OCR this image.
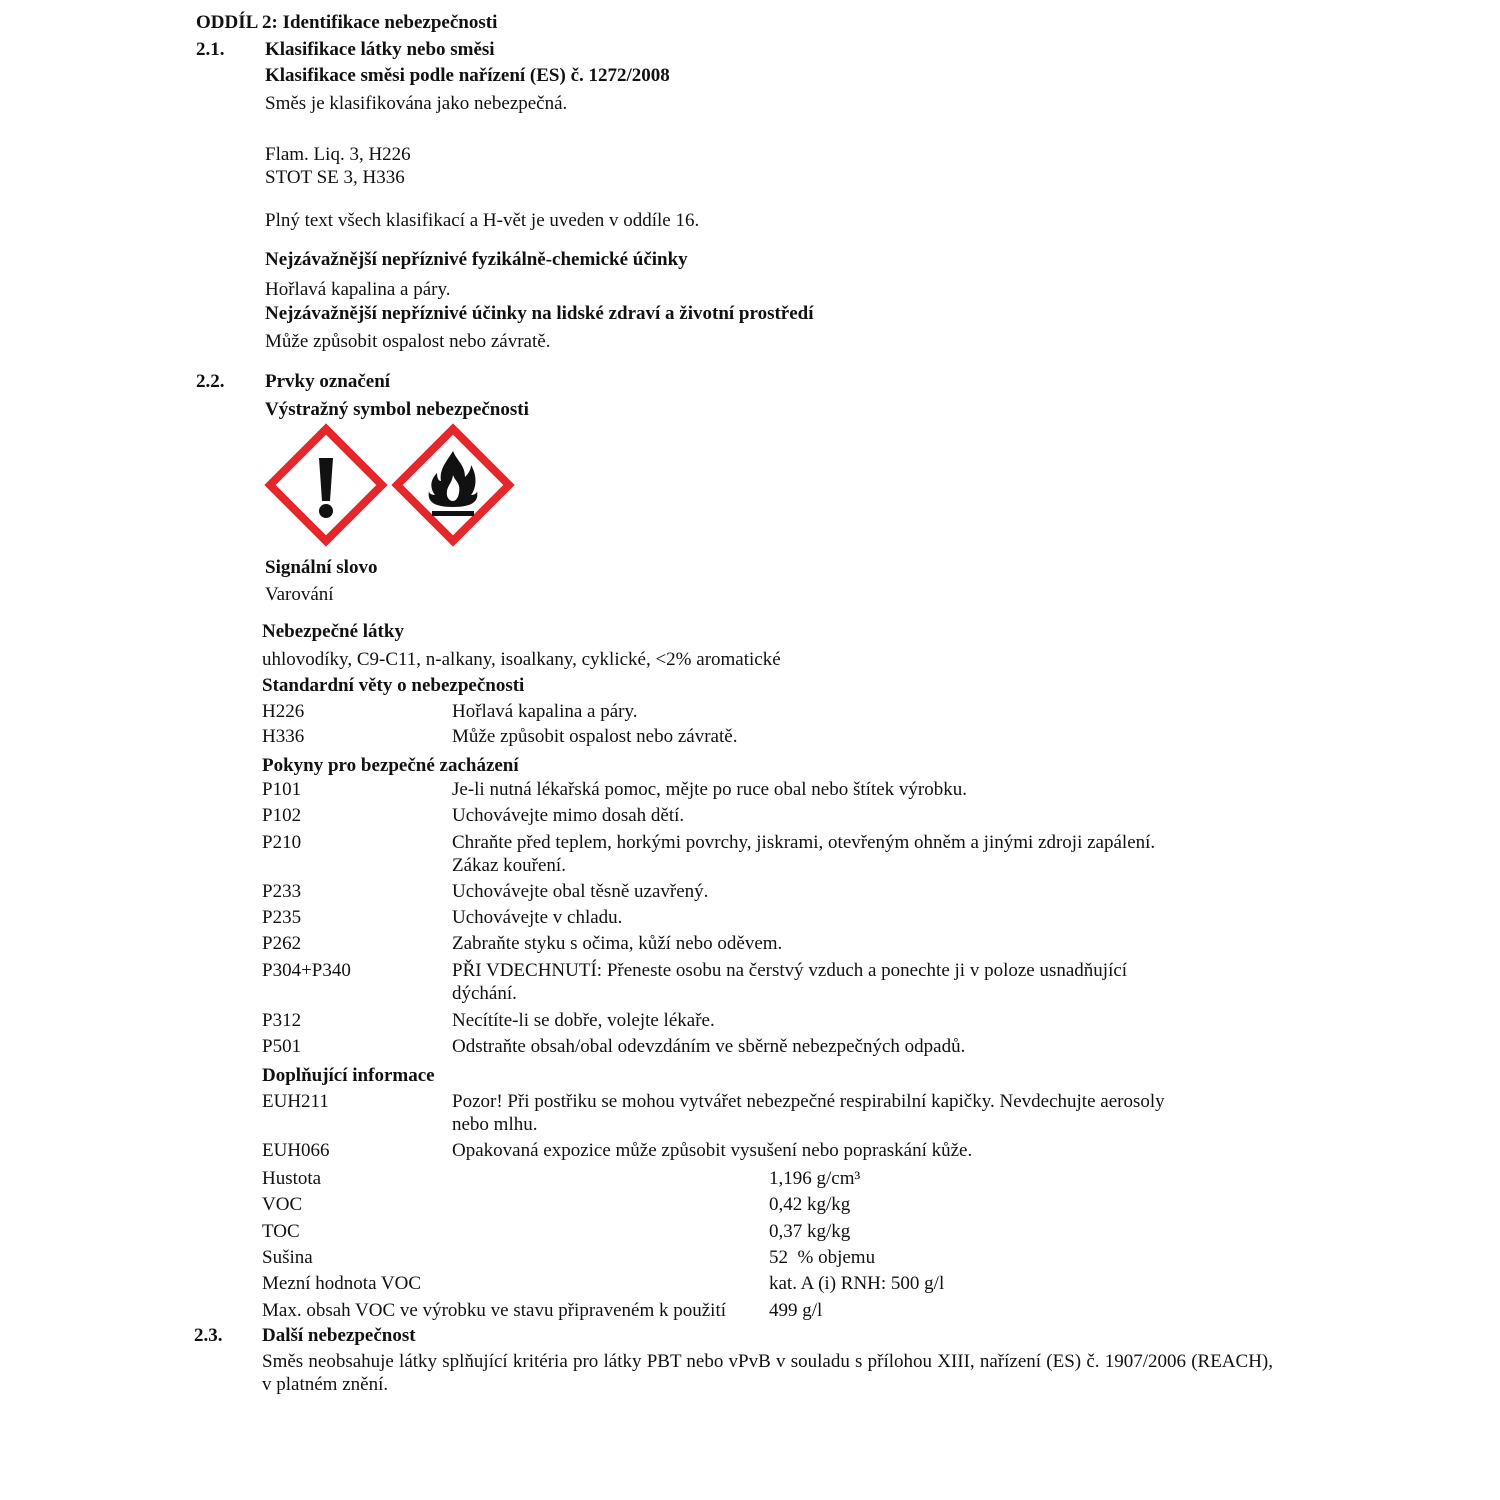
ODDÍL 2: Identifikace nebezpečnosti
2.1. Klasifikace látky nebo směsi
Klasifikace směsi podle nařízení (ES) č. 1272/2008
Směs je klasifikována jako nebezpečná.
Flam. Liq. 3, H226
STOT SE 3, H336
Plný text všech klasifikací a H-vět je uveden v oddíle 16.
Nejzávažnější nepříznivé fyzikálně-chemické účinky
Hořlavá kapalina a páry.
Nejzávažnější nepříznivé účinky na lidské zdraví a životní prostředí
Může způsobit ospalost nebo závratě.
2.2. Prvky označení
Výstražný symbol nebezpečnosti
Signální slovo
Varování
Nebezpečné látky
uhlovodíky, C9-C11, n-alkany, isoalkany, cyklické, <2% aromatické
Standardní věty o nebezpečnosti
H226	Hořlavá kapalina a páry.
H336	Může způsobit ospalost nebo závratě.
Pokyny pro bezpečné zacházení
P101	Je-li nutná lékařská pomoc, mějte po ruce obal nebo štítek výrobku.
P102	Uchovávejte mimo dosah dětí.
P210	Chraňte před teplem, horkými povrchy, jiskrami, otevřeným ohněm a jinými zdroji zapálení.
Zákaz kouření.
P233	Uchovávejte obal těsně uzavřený.
P235	Uchovávejte v chladu.
P262	Zabraňte styku s očima, kůží nebo oděvem.
P304+P340	PŘI VDECHNUTÍ: Přeneste osobu na čerstvý vzduch a ponechte ji v poloze usnadňující
dýchání.
P312	Necítíte-li se dobře, volejte lékaře.
P501	Odstraňte obsah/obal odevzdáním ve sběrně nebezpečných odpadů.
Doplňující informace
EUH211	Pozor! Při postřiku se mohou vytvářet nebezpečné respirabilní kapičky. Nevdechujte aerosoly
nebo mlhu.
EUH066	Opakovaná expozice může způsobit vysušení nebo popraskání kůže.
Hustota	1,196 g/cm³
VOC	0,42 kg/kg
TOC	0,37 kg/kg
Sušina	52  % objemu
Mezní hodnota VOC	kat. A (i) RNH: 500 g/l
Max. obsah VOC ve výrobku ve stavu připraveném k použití 499 g/l
2.3. Další nebezpečnost
Směs neobsahuje látky splňující kritéria pro látky PBT nebo vPvB v souladu s přílohou XIII, nařízení (ES) č. 1907/2006 (REACH), v platném znění.
